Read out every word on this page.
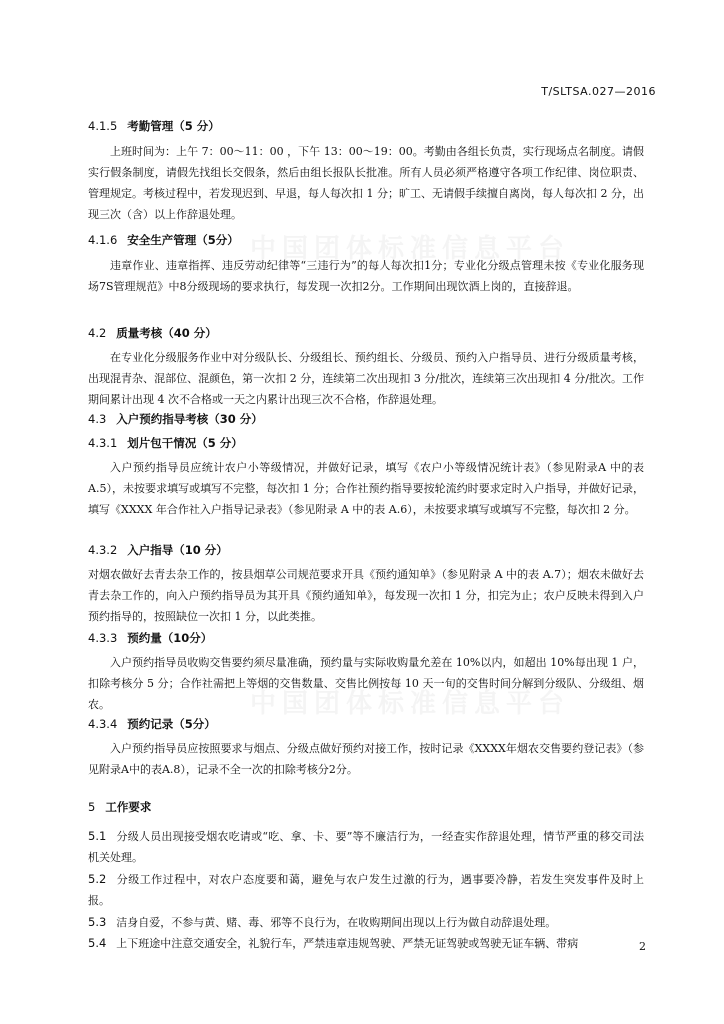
中国团体标准信息平台
中国团体标准信息平台
T/SLTSA.027—2016

4.1.5 考勤管理（5 分）

上班时间为：上午 7：00～11：00 ，下午 13：00～19：00。考勤由各组长负责，实行现场点名制度。请假实行假条制度，请假先找组长交假条，然后由组长报队长批准。所有人员必须严格遵守各项工作纪律、岗位职责、管理规定。考核过程中，若发现迟到、早退，每人每次扣 1 分；旷工、无请假手续擅自离岗，每人每次扣 2 分，出现三次（含）以上作辞退处理。

4.1.6 安全生产管理（5分）

违章作业、违章指挥、违反劳动纪律等“三违行为”的每人每次扣1分；专业化分级点管理未按《专业化服务现场7S管理规范》中8分级现场的要求执行，每发现一次扣2分。工作期间出现饮酒上岗的，直接辞退。

4.2 质量考核（40 分）

在专业化分级服务作业中对分级队长、分级组长、预约组长、分级员、预约入户指导员、进行分级质量考核，出现混青杂、混部位、混颜色，第一次扣 2 分，连续第二次出现扣 3 分/批次，连续第三次出现扣 4 分/批次。工作期间累计出现 4 次不合格或一天之内累计出现三次不合格，作辞退处理。

4.3 入户预约指导考核（30 分）

4.3.1 划片包干情况（5 分）

入户预约指导员应统计农户小等级情况，并做好记录，填写《农户小等级情况统计表》（参见附录A 中的表 A.5），未按要求填写或填写不完整，每次扣 1 分；合作社预约指导要按轮流约时要求定时入户指导，并做好记录，填写《XXXX 年合作社入户指导记录表》（参见附录 A 中的表 A.6），未按要求填写或填写不完整，每次扣 2 分。

4.3.2 入户指导（10 分）

对烟农做好去青去杂工作的，按县烟草公司规范要求开具《预约通知单》（参见附录 A 中的表 A.7）；烟农未做好去青去杂工作的，向入户预约指导员为其开具《预约通知单》，每发现一次扣 1 分，扣完为止；农户反映未得到入户预约指导的，按照缺位一次扣 1 分，以此类推。

4.3.3 预约量（10分）

入户预约指导员收购交售要约须尽量准确，预约量与实际收购量允差在 10%以内，如超出 10%每出现 1 户，扣除考核分 5 分；合作社需把上等烟的交售数量、交售比例按每 10 天一旬的交售时间分解到分级队、分级组、烟农。

4.3.4 预约记录（5分）

入户预约指导员应按照要求与烟点、分级点做好预约对接工作，按时记录《XXXX年烟农交售要约登记表》（参见附录A中的表A.8），记录不全一次的扣除考核分2分。

5 工作要求

5.1 分级人员出现接受烟农吃请或“吃、拿、卡、要”等不廉洁行为，一经查实作辞退处理，情节严重的移交司法机关处理。

5.2 分级工作过程中，对农户态度要和蔼，避免与农户发生过激的行为，遇事要冷静，若发生突发事件及时上报。

5.3 洁身自爱，不参与黄、赌、毒、邪等不良行为，在收购期间出现以上行为做自动辞退处理。

5.4 上下班途中注意交通安全，礼貌行车，严禁违章违规驾驶、严禁无证驾驶或驾驶无证车辆、带病	2
